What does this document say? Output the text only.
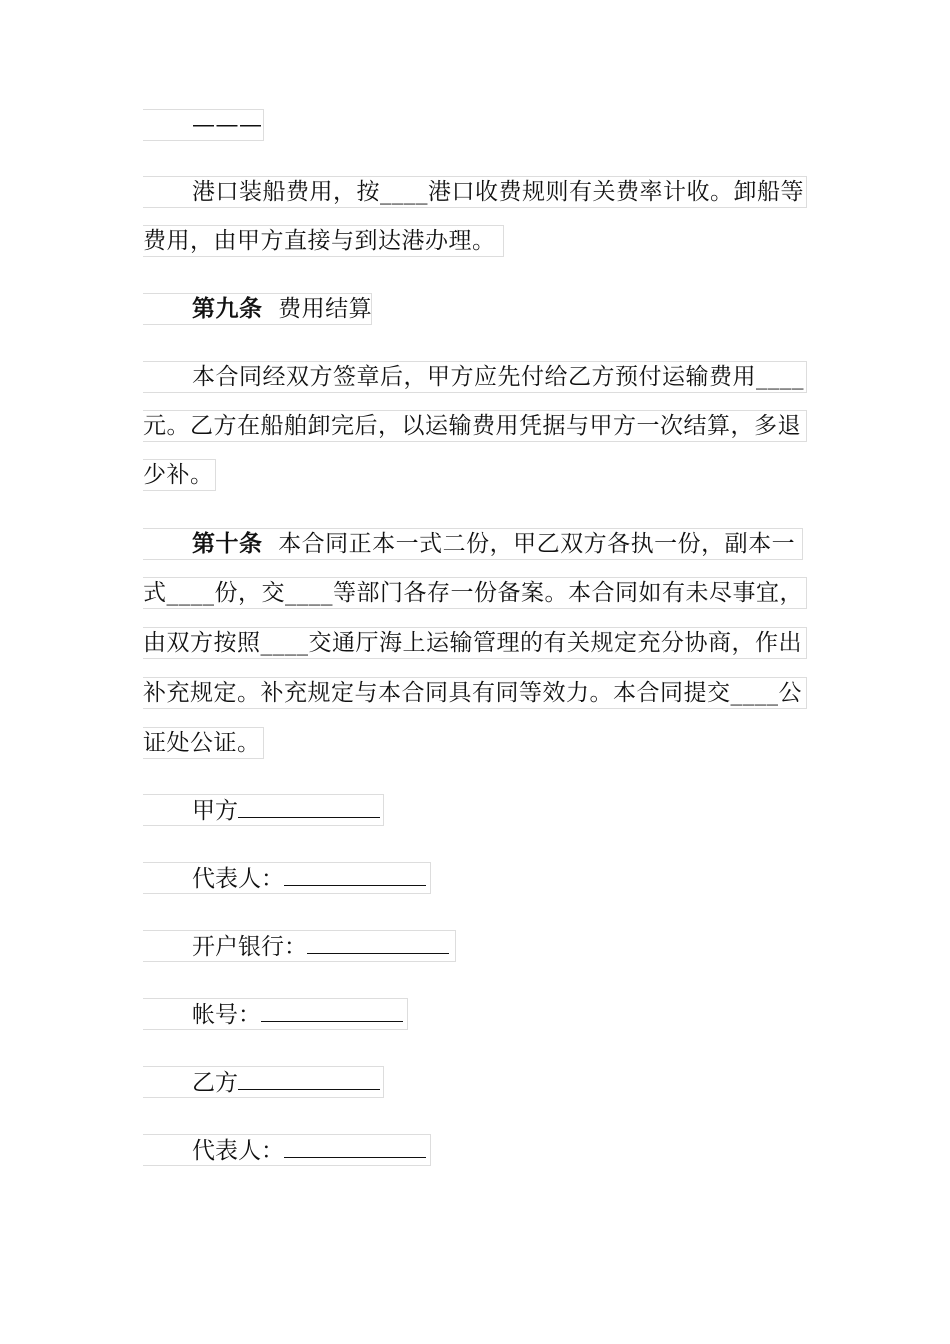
———
港口装船费用，按____港口收费规则有关费率计收。卸船等
费用，由甲方直接与到达港办理。
第九条 费用结算
本合同经双方签章后，甲方应先付给乙方预付运输费用____
元。乙方在船舶卸完后，以运输费用凭据与甲方一次结算，多退
少补。
第十条 本合同正本一式二份，甲乙双方各执一份，副本一
式____份，交____等部门各存一份备案。本合同如有未尽事宜，
由双方按照____交通厅海上运输管理的有关规定充分协商，作出
补充规定。补充规定与本合同具有同等效力。本合同提交____公
证处公证。
甲方
代表人：
开户银行：
帐号：
乙方
代表人：
